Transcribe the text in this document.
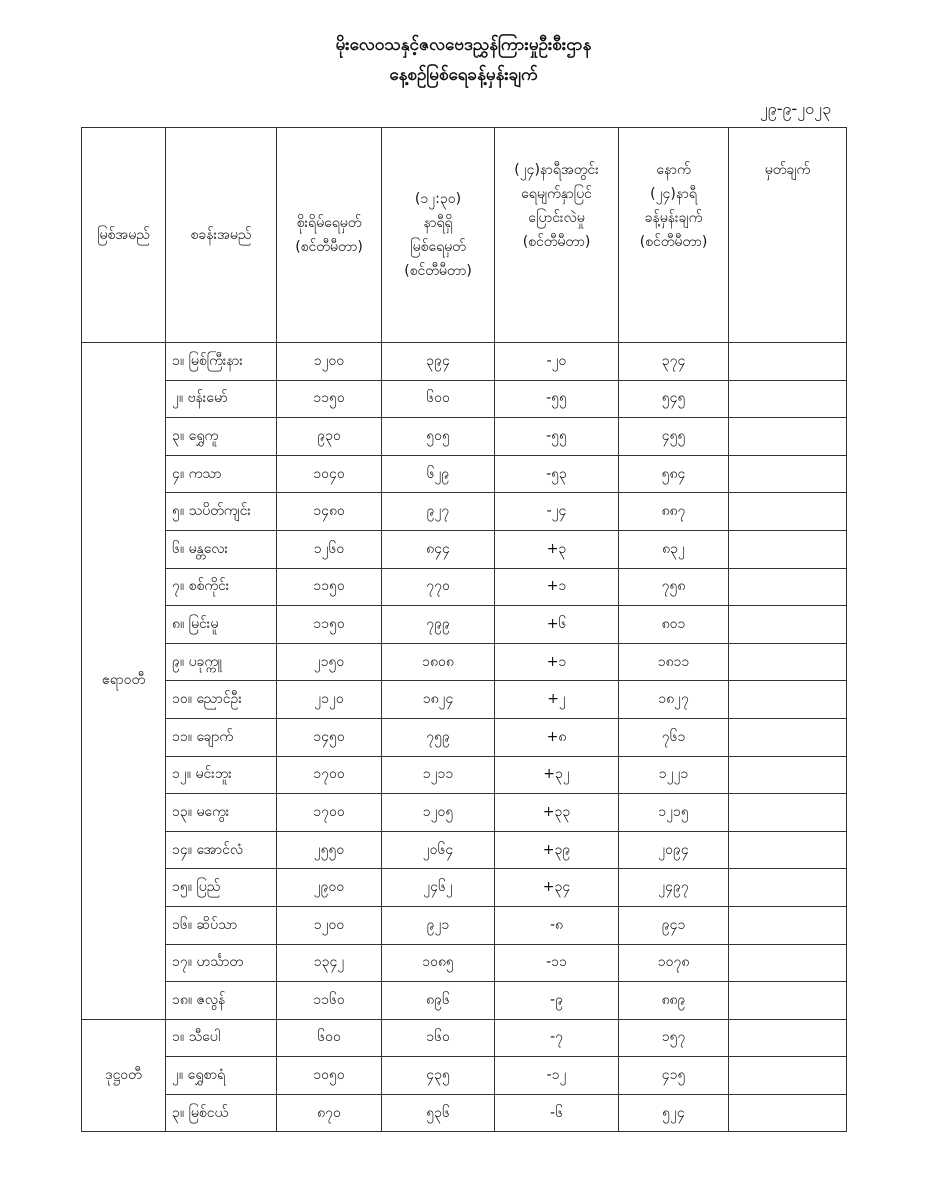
မိုးလေဝသနှင့်ဇလဗေဒညွှန်ကြားမှုဦးစီးဌာန
နေ့စဉ်မြစ်ရေခန့်မှန်းချက်
၂၉-၉-၂၀၂၃
မြစ်အမည်	စခန်းအမည်	စိုးရိမ်ရေမှတ်
(စင်တီမီတာ)	(၁၂:၃၀)
နာရီရှိ
မြစ်ရေမှတ်
(စင်တီမီတာ)	(၂၄)နာရီအတွင်း
ရေမျက်နှာပြင်
ပြောင်းလဲမှု
(စင်တီမီတာ)	နောက်
(၂၄)နာရီ
ခန့်မှန်းချက်
(စင်တီမီတာ)	မှတ်ချက်
ဧရာဝတီ	၁။ မြစ်ကြီးနား	၁၂၀၀	၃၉၄	-၂၀	၃၇၄	
	၂။ ဗန်းမော်	၁၁၅၀	၆၀၀	-၅၅	၅၄၅	
	၃။ ရွှေကူ	၉၃၀	၅၀၅	-၅၅	၄၅၅	
	၄။ ကသာ	၁၀၄၀	၆၂၉	-၅၃	၅၈၄	
	၅။ သပိတ်ကျင်း	၁၄၈၀	၉၂၇	-၂၄	၈၈၇	
	၆။ မန္တလေး	၁၂၆၀	၈၄၄	+၃	၈၃၂	
	၇။ စစ်ကိုင်း	၁၁၅၀	၇၇၀	+၁	၇၅၈	
	၈။ မြင်းမူ	၁၁၅၀	၇၉၉	+၆	၈၀၁	
	၉။ ပခုက္ကူ	၂၁၅၀	၁၈၀၈	+၁	၁၈၁၁	
	၁၀။ ညောင်ဦး	၂၁၂၀	၁၈၂၄	+၂	၁၈၂၇	
	၁၁။ ချောက်	၁၄၅၀	၇၅၉	+၈	၇၆၁	
	၁၂။ မင်းဘူး	၁၇၀၀	၁၂၁၁	+၃၂	၁၂၂၁	
	၁၃။ မကွေး	၁၇၀၀	၁၂၀၅	+၃၃	၁၂၁၅	
	၁၄။ အောင်လံ	၂၅၅၀	၂၀၆၄	+၃၉	၂၀၉၄	
	၁၅။ ပြည်	၂၉၀၀	၂၄၆၂	+၃၄	၂၄၉၇	
	၁၆။ ဆိပ်သာ	၁၂၀၀	၉၂၁	-၈	၉၄၁	
	၁၇။ ဟင်္သာတ	၁၃၄၂	၁၀၈၅	-၁၁	၁၀၇၈	
	၁၈။ ဇလွန်	၁၁၆၀	၈၉၆	-၉	၈၈၉	
ဒုဋ္ဌဝတီ	၁။ သီပေါ	၆၀၀	၁၆၀	-၇	၁၅၇	
	၂။ ရွှေစာရံ	၁၀၅၀	၄၃၅	-၁၂	၄၁၅	
	၃။ မြစ်ငယ်	၈၇၀	၅၃၆	-၆	၅၂၄	
